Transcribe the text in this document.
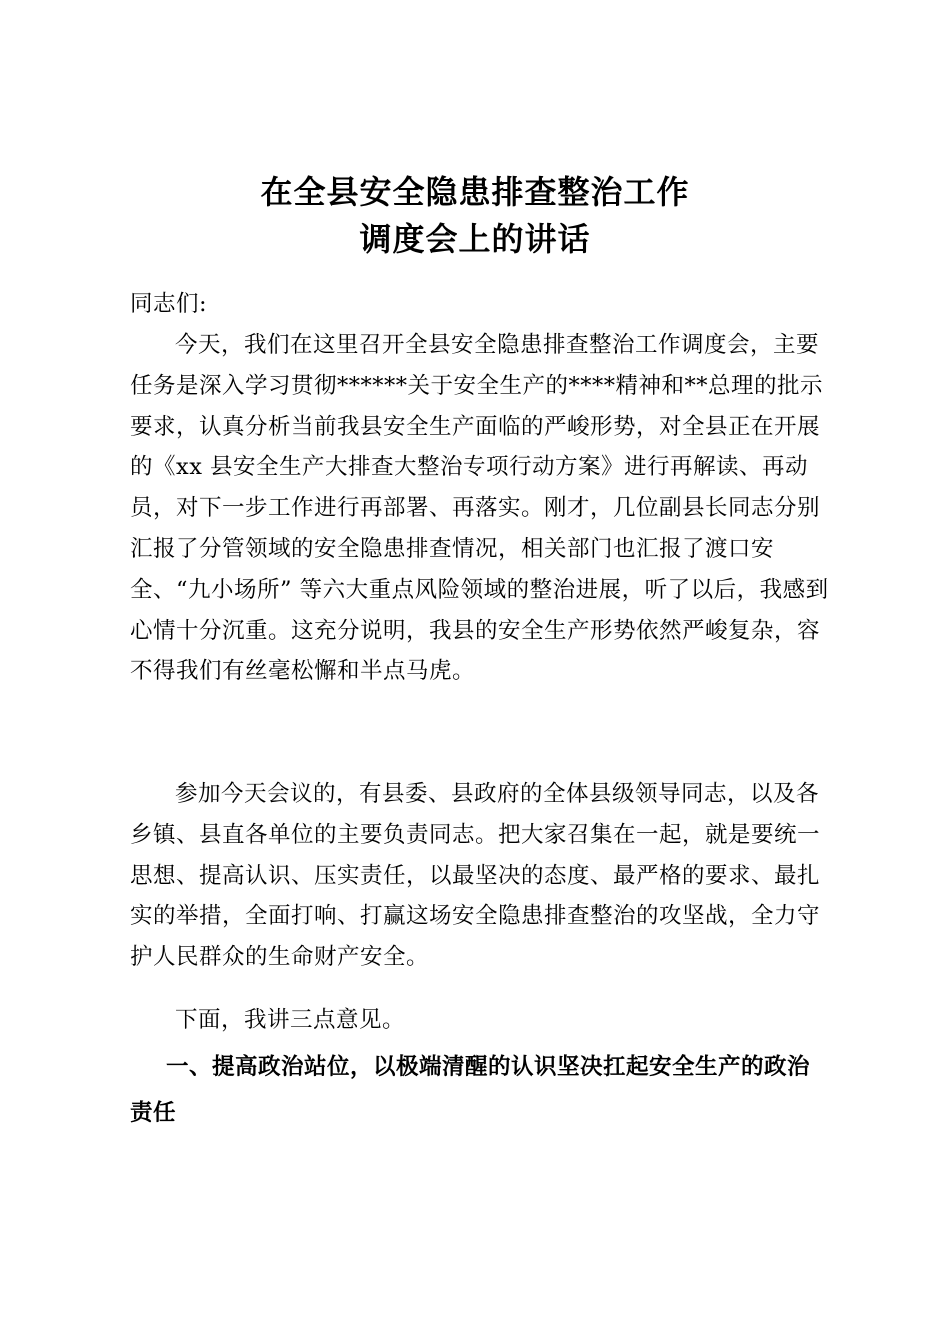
在全县安全隐患排查整治工作
调度会上的讲话

同志们:

今天，我们在这里召开全县安全隐患排查整治工作调度会，主要任务是深入学习贯彻******关于安全生产的****精神和**总理的批示要求，认真分析当前我县安全生产面临的严峻形势，对全县正在开展的《xx 县安全生产大排查大整治专项行动方案》进行再解读、再动员，对下一步工作进行再部署、再落实。刚才，几位副县长同志分别汇报了分管领域的安全隐患排查情况，相关部门也汇报了渡口安全、“九小场所” 等六大重点风险领域的整治进展，听了以后，我感到心情十分沉重。这充分说明，我县的安全生产形势依然严峻复杂，容不得我们有丝毫松懈和半点马虎。

参加今天会议的，有县委、县政府的全体县级领导同志，以及各乡镇、县直各单位的主要负责同志。把大家召集在一起，就是要统一思想、提高认识、压实责任，以最坚决的态度、最严格的要求、最扎实的举措，全面打响、打赢这场安全隐患排查整治的攻坚战，全力守护人民群众的生命财产安全。

下面，我讲三点意见。

一、提高政治站位，以极端清醒的认识坚决扛起安全生产的政治责任
